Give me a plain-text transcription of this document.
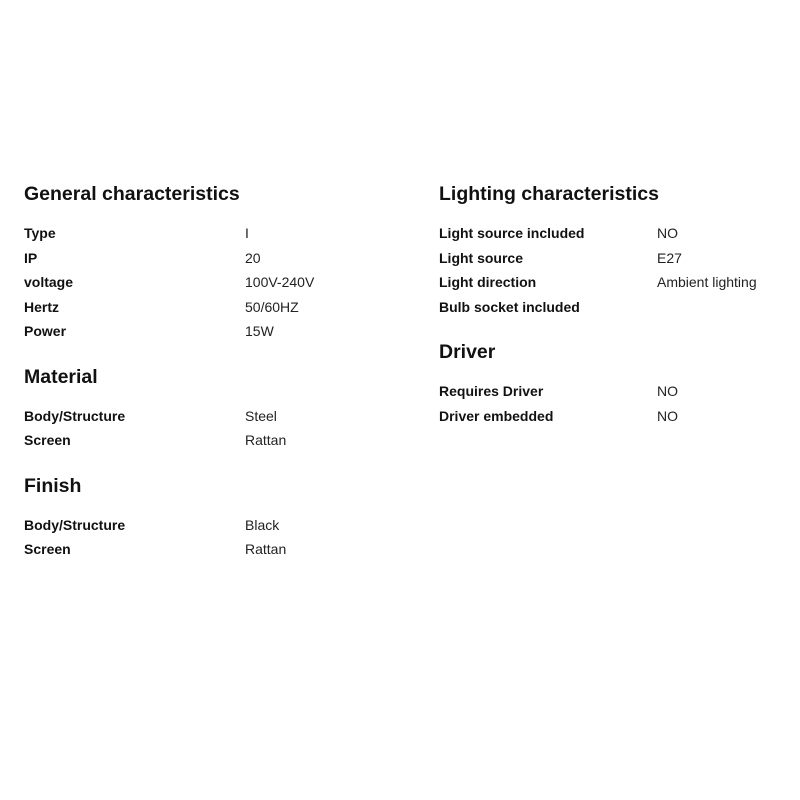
General characteristics
Type	I
IP	20
voltage	100V-240V
Hertz	50/60HZ
Power	15W
Material
Body/Structure	Steel
Screen	Rattan
Finish
Body/Structure	Black
Screen	Rattan
Lighting characteristics
Light source included	NO
Light source	E27
Light direction	Ambient lighting
Bulb socket included
Driver
Requires Driver	NO
Driver embedded	NO
